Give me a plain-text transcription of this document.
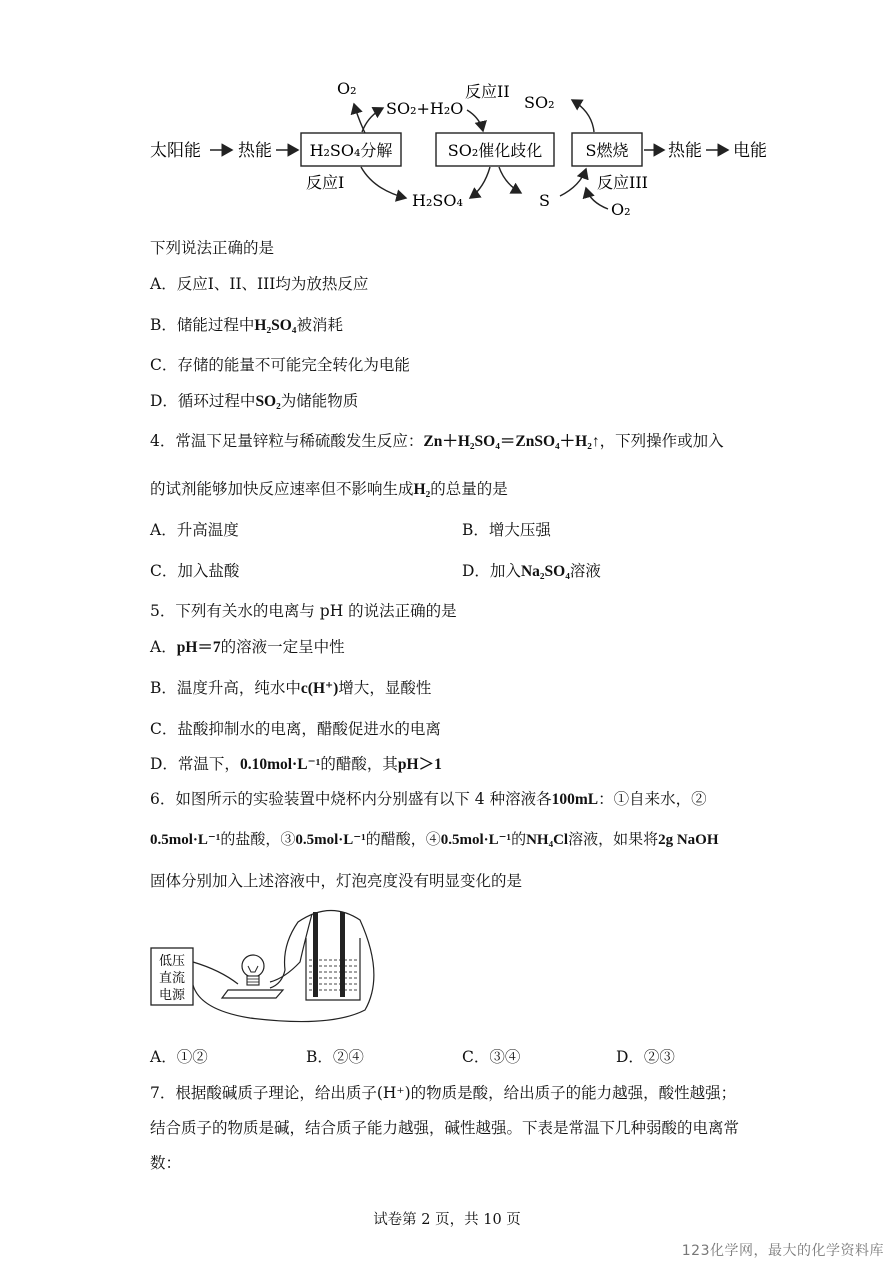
太阳能 热能 H₂SO₄分解	SO₂催化歧化	S燃烧 热能 电能
O₂
SO₂+H₂O
反应II
SO₂
反应I
H₂SO₄	S
反应III
O₂
下列说法正确的是
A．反应I、II、III均为放热反应
B．储能过程中H₂SO₄被消耗
C．存储的能量不可能完全转化为电能
D．循环过程中SO₂为储能物质
4．常温下足量锌粒与稀硫酸发生反应：Zn＋H₂SO₄＝ZnSO₄＋H₂↑，下列操作或加入
的试剂能够加快反应速率但不影响生成H₂的总量的是
A．升高温度	B．增大压强
C．加入盐酸	D．加入Na₂SO₄溶液
5．下列有关水的电离与 pH 的说法正确的是
A．pH＝7的溶液一定呈中性
B．温度升高，纯水中c(H⁺)增大，显酸性
C．盐酸抑制水的电离，醋酸促进水的电离
D．常温下，0.10mol·L⁻¹的醋酸，其pH＞1
6．如图所示的实验装置中烧杯内分别盛有以下 4 种溶液各100mL：①自来水，②
0.5mol·L⁻¹的盐酸，③0.5mol·L⁻¹的醋酸，④0.5mol·L⁻¹的NH₄Cl溶液，如果将2g NaOH
固体分别加入上述溶液中，灯泡亮度没有明显变化的是
低压
直流
电源
A．①②	B．②④	C．③④	D．②③
7．根据酸碱质子理论，给出质子(H⁺)的物质是酸，给出质子的能力越强，酸性越强；
结合质子的物质是碱，结合质子能力越强，碱性越强。下表是常温下几种弱酸的电离常
数：
试卷第 2 页，共 10 页
123化学网，最大的化学资料库
